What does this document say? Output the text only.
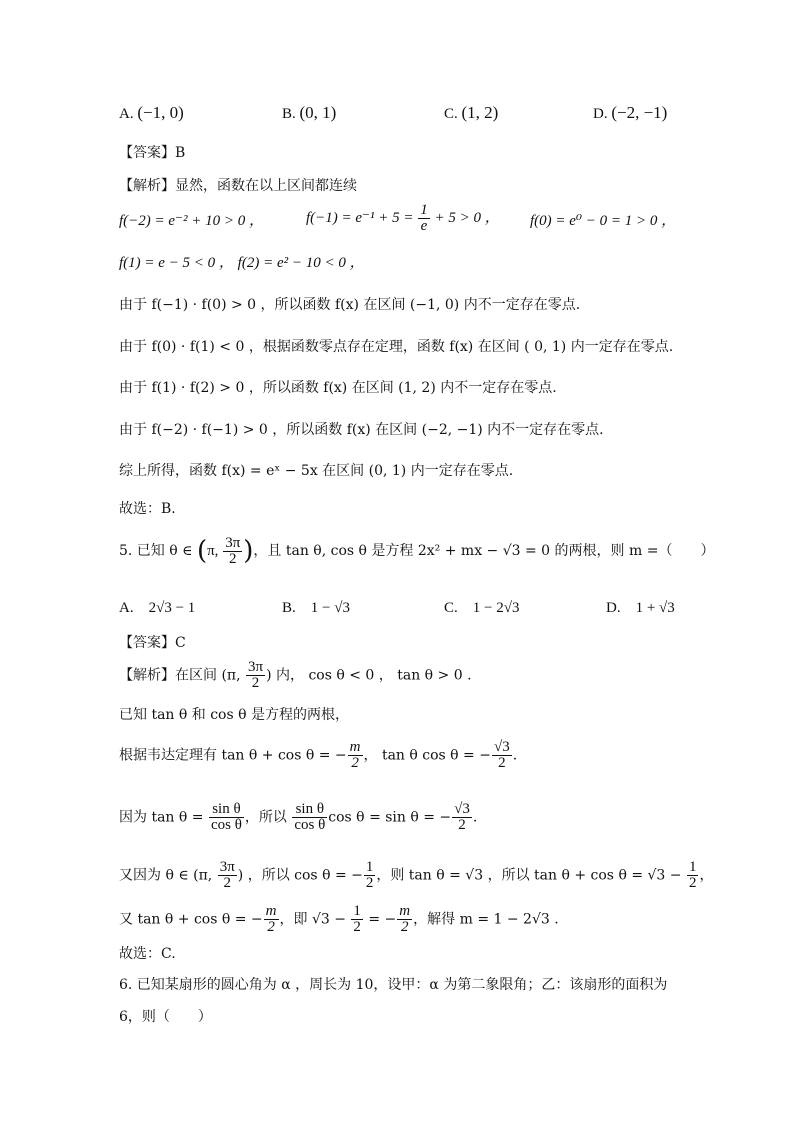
A. (−1, 0)	B. (0, 1)	C. (1, 2)	D. (−2, −1)
【答案】B
【解析】显然，函数在以上区间都连续
f(−2) = e⁻² + 10 > 0 ，	$f(-1) = e^{-1} + 5 = \frac{1}{e} + 5 > 0$ ， f(0) = e⁰ − 0 = 1 > 0 ，
f(1) = e − 5 < 0 ， f(2) = e² − 10 < 0 ，
由于 f(−1) · f(0) > 0 ，所以函数 f(x) 在区间 (−1, 0) 内不一定存在零点.
由于 f(0) · f(1) < 0 ，根据函数零点存在定理，函数 f(x) 在区间 ( 0, 1) 内一定存在零点.
由于 f(1) · f(2) > 0 ，所以函数 f(x) 在区间 (1, 2) 内不一定存在零点.
由于 f(−2) · f(−1) > 0 ，所以函数 f(x) 在区间 (−2, −1) 内不一定存在零点.
综上所得，函数 f(x) = eˣ − 5x 在区间 (0, 1) 内一定存在零点.
故选：B.
5. 已知 θ ∈ (π, $\frac{3\pi}{2}$ )，且 tan θ, cos θ 是方程 2x² + mx − √3 = 0 的两根，则 m =（　　）
A.　2√3 − 1	B.　1 − √3	C.　1 − 2√3	D.　1 + √3
【答案】C
【解析】在区间 (π, $\frac{3\pi}{2}$ ) 内， cos θ < 0 ， tan θ > 0 .
已知 tan θ 和 cos θ 是方程的两根，
根据韦达定理有 tan θ + cos θ = − $\frac{m}{2}$ ， tan θ cos θ = − $\frac{√3}{2}$ .
因为 $\tan \theta = \frac{\text{sin θ}}{\text{cos θ}}$ ，所以 $\frac{\text{sin θ}}{\text{cos θ}}$ cos θ = sin θ = − $\frac{√3}{2}$ .
又因为 θ ∈ (π, $\frac{3\pi}{2}$ ) ，所以 cos θ = − $\frac{1}{2}$ ，则 tan θ = √3 ，所以 $\tan \theta + \cos \theta = √3 - \frac{1}{2}$ ，
又 tan θ + cos θ = − $\frac{m}{2}$ ，即 $√3 - \frac{1}{2}$ = − $\frac{m}{2}$ ，解得 m = 1 − 2√3 .
故选：C.
6. 已知某扇形的圆心角为 α ，周长为 10，设甲：α 为第二象限角；乙：该扇形的面积为
6，则（　　）
